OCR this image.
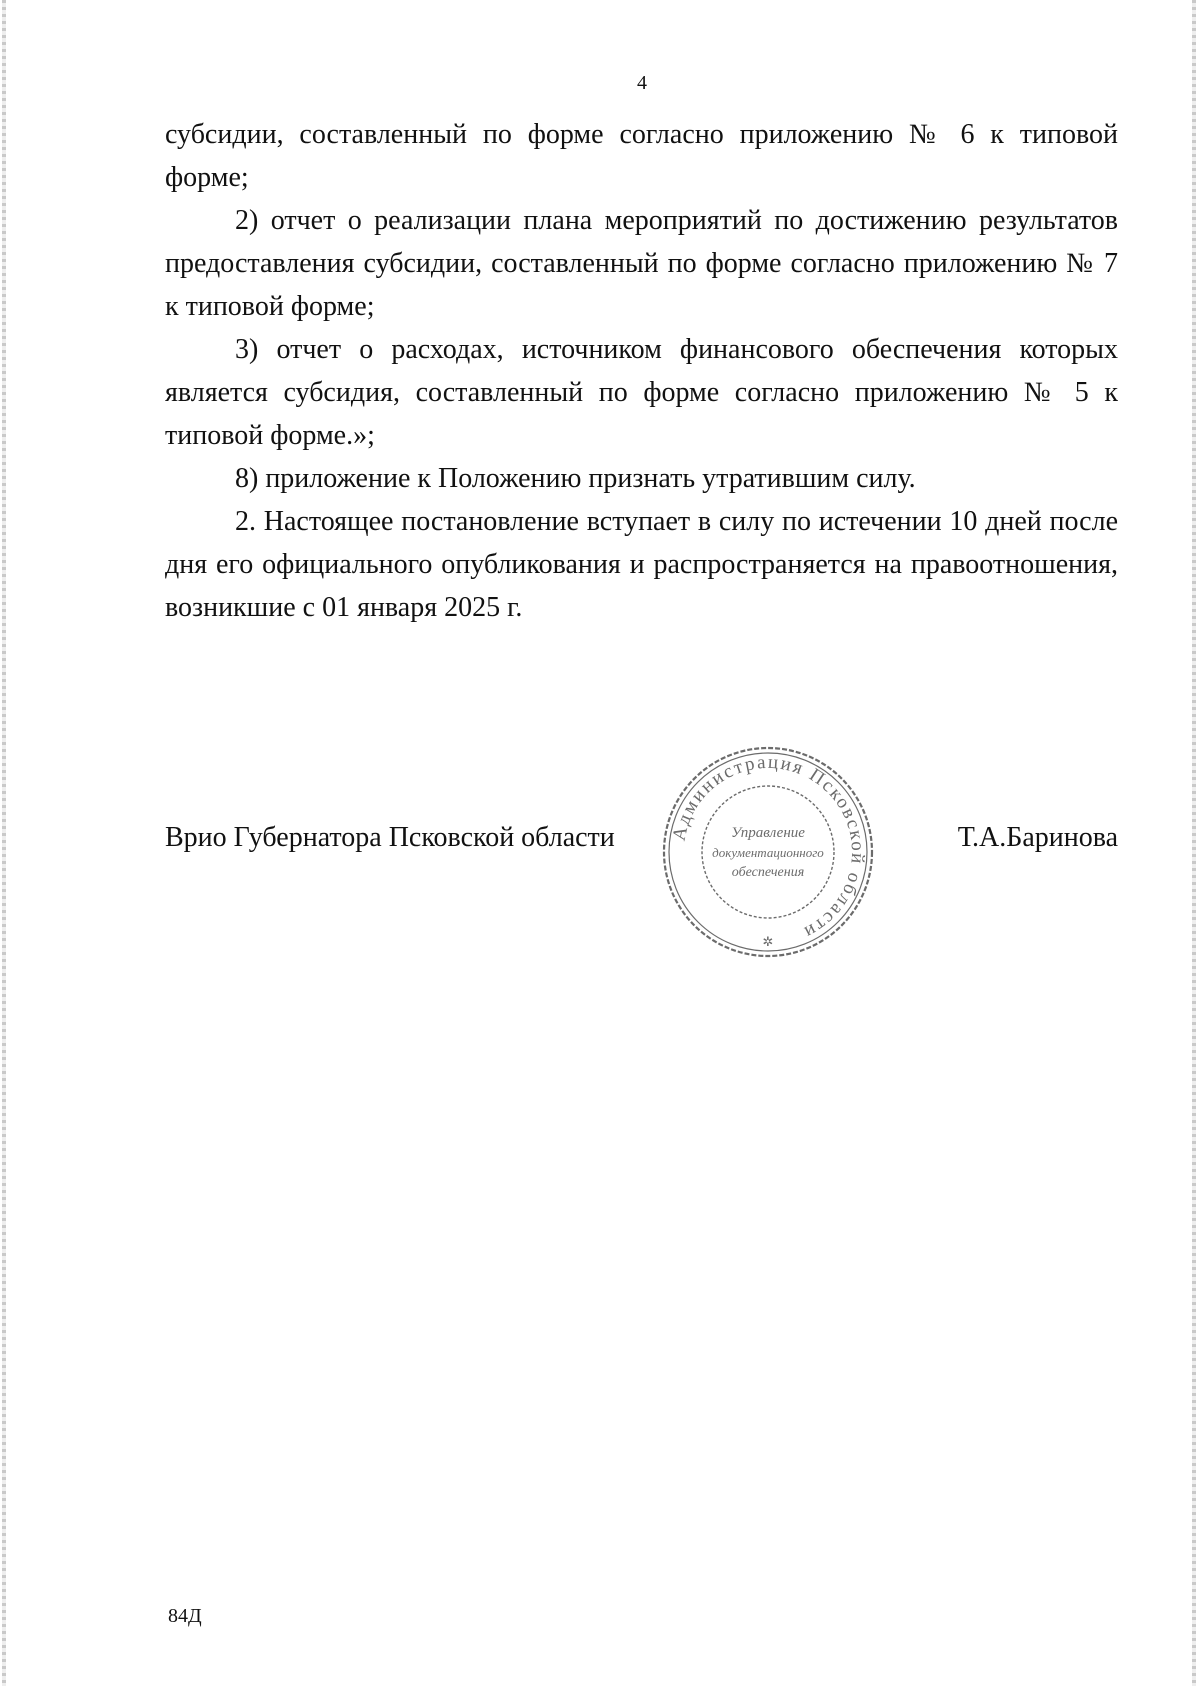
4

субсидии, составленный по форме согласно приложению № 6 к типовой форме;

2) отчет о реализации плана мероприятий по достижению результатов предоставления субсидии, составленный по форме согласно приложению № 7 к типовой форме;

3) отчет о расходах, источником финансового обеспечения которых является субсидия, составленный по форме согласно приложению № 5 к типовой форме.»;

8) приложение к Положению признать утратившим силу.

2. Настоящее постановление вступает в силу по истечении 10 дней после дня его официального опубликования и распространяется на правоотношения, возникшие с 01 января 2025 г.

Врио Губернатора Псковской области	Администрация Псковской области
Управление
документационного
обеспечения
✲
Т.А.Баринова
84Д
